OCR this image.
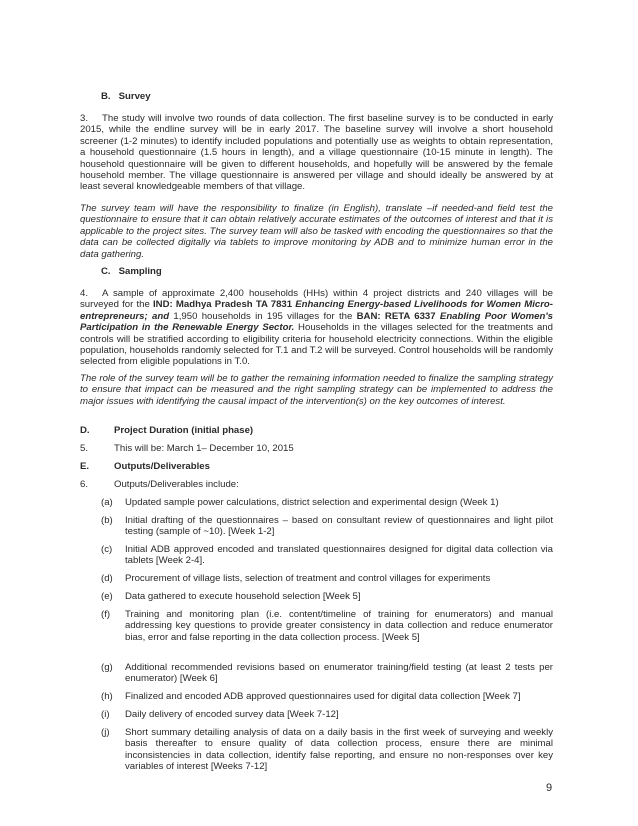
B. Survey
3. The study will involve two rounds of data collection. The first baseline survey is to be conducted in early 2015, while the endline survey will be in early 2017. The baseline survey will involve a short household screener (1-2 minutes) to identify included populations and potentially use as weights to obtain representation, a household questionnaire (1.5 hours in length), and a village questionnaire (10-15 minute in length). The household questionnaire will be given to different households, and hopefully will be answered by the female household member. The village questionnaire is answered per village and should ideally be answered by at least several knowledgeable members of that village.
The survey team will have the responsibility to finalize (in English), translate –if needed-and field test the questionnaire to ensure that it can obtain relatively accurate estimates of the outcomes of interest and that it is applicable to the project sites. The survey team will also be tasked with encoding the questionnaires so that the data can be collected digitally via tablets to improve monitoring by ADB and to minimize human error in the data gathering.
C. Sampling
4. A sample of approximate 2,400 households (HHs) within 4 project districts and 240 villages will be surveyed for the IND: Madhya Pradesh TA 7831 Enhancing Energy-based Livelihoods for Women Micro-entrepreneurs; and 1,950 households in 195 villages for the BAN: RETA 6337 Enabling Poor Women's Participation in the Renewable Energy Sector. Households in the villages selected for the treatments and controls will be stratified according to eligibility criteria for household electricity connections. Within the eligible population, households randomly selected for T.1 and T.2 will be surveyed. Control households will be randomly selected from eligible populations in T.0.
The role of the survey team will be to gather the remaining information needed to finalize the sampling strategy to ensure that impact can be measured and the right sampling strategy can be implemented to address the major issues with identifying the causal impact of the intervention(s) on the key outcomes of interest.
D.	Project Duration (initial phase)
5.	This will be: March 1– December 10, 2015
E.	Outputs/Deliverables
6.	Outputs/Deliverables include:
(a) Updated sample power calculations, district selection and experimental design (Week 1)
(b) Initial drafting of the questionnaires – based on consultant review of questionnaires and light pilot testing (sample of ~10). [Week 1-2]
(c) Initial ADB approved encoded and translated questionnaires designed for digital data collection via tablets [Week 2-4].
(d) Procurement of village lists, selection of treatment and control villages for experiments
(e) Data gathered to execute household selection [Week 5]
(f) Training and monitoring plan (i.e. content/timeline of training for enumerators) and manual addressing key questions to provide greater consistency in data collection and reduce enumerator bias, error and false reporting in the data collection process. [Week 5]
(g) Additional recommended revisions based on enumerator training/field testing (at least 2 tests per enumerator) [Week 6]
(h) Finalized and encoded ADB approved questionnaires used for digital data collection [Week 7]
(i) Daily delivery of encoded survey data [Week 7-12]
(j) Short summary detailing analysis of data on a daily basis in the first week of surveying and weekly basis thereafter to ensure quality of data collection process, ensure there are minimal inconsistencies in data collection, identify false reporting, and ensure no non-responses over key variables of interest [Weeks 7-12]
9
